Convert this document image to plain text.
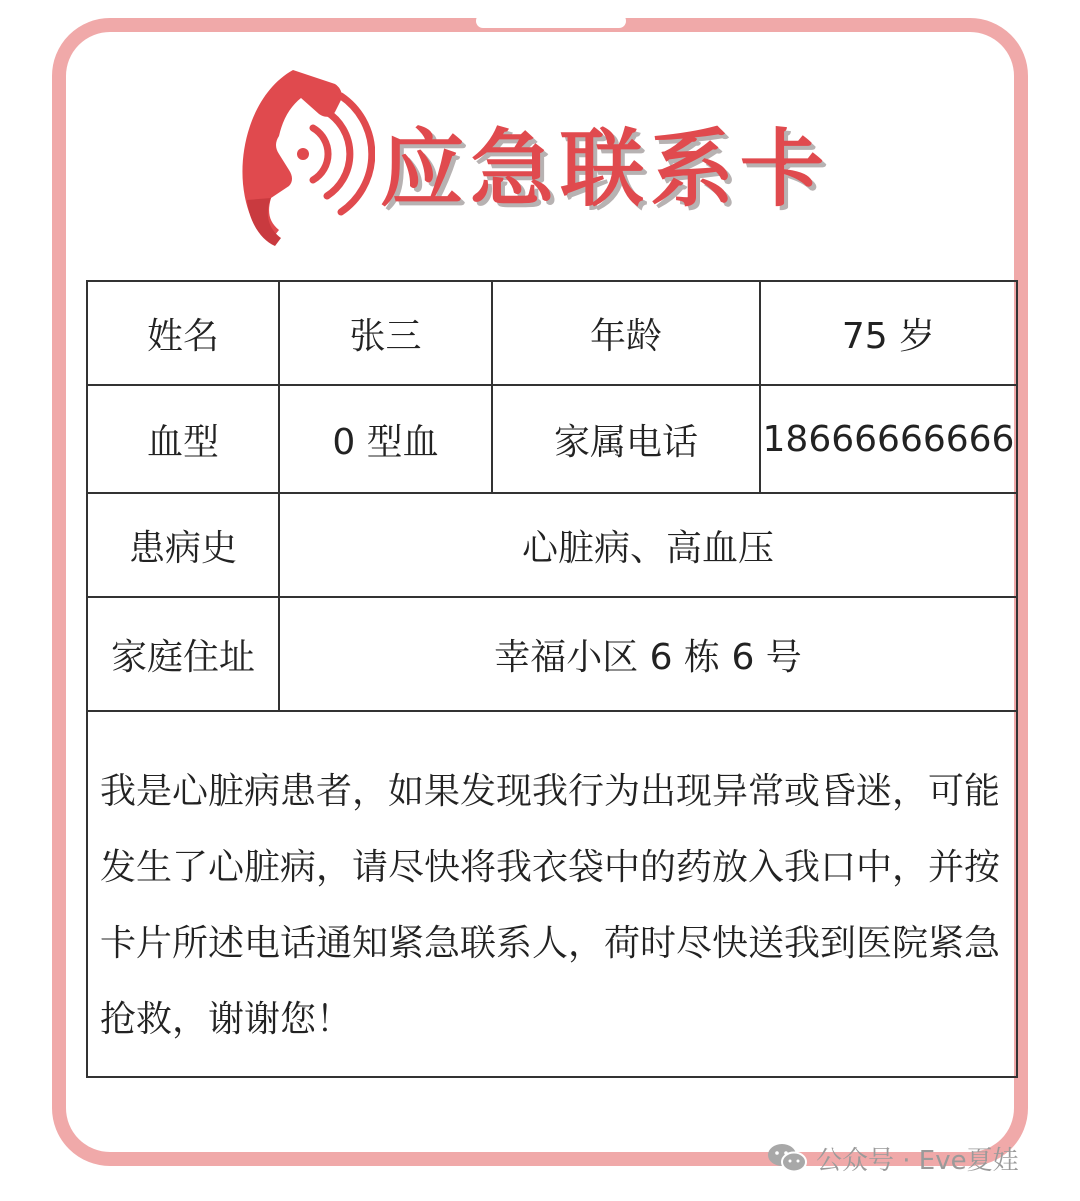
应急联系卡
姓名	张三	年龄	75 岁
血型	0 型血	家属电话	18666666666
患病史	心脏病、高血压		
家庭住址	幸福小区 6 栋 6 号		

我是心脏病患者，如果发现我行为出现异常或昏迷，可能发生了心脏病，请尽快将我衣袋中的药放入我口中，并按卡片所述电话通知紧急联系人，荷时尽快送我到医院紧急抢救，谢谢您！			
公众号 · Eve夏娃
